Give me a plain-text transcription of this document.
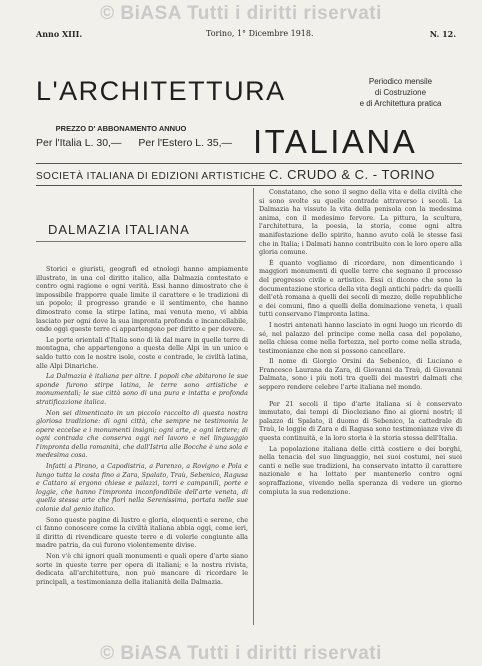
© BiASA Tutti i diritti riservati
Anno XIII.	Torino, 1° Dicembre 1918.	N. 12.
L'ARCHITETTURA	Periodico mensile
di Costruzione
e di Architettura pratica
PREZZO D' ABBONAMENTO ANNUO
Per l'Italia L. 30,— Per l'Estero L. 35,— ITALIANA
SOCIETÀ ITALIANA DI EDIZIONI ARTISTICHE C. CRUDO & C. - TORINO
DALMAZIA ITALIANA

Storici e giuristi, geografi ed etnologi hanno ampiamente illustrato, in una col diritto italico, alla Dalmazia contestato e contro ogni ragione e ogni verità. Essi hanno dimostrato che è impossibile frapporre quale limite il carattere e le tradizioni di un popolo; il progresso grande e il sentimento, che hanno dimostrato come la stirpe latina, mai venuta meno, vi abbia lasciato per ogni dove la sua impronta profonda e incancellabile, onde oggi queste terre ci appartengono per diritto e per dovere.

Le porte orientali d'Italia sono di là dal mare in quelle terre di montagna, che appartengono a questa delle Alpi in un unico e saldo tutto con le nostre isole, coste e contrade, le civiltà latina, alle Alpi Dinariche.

La Dalmazia è italiana per altre. I popoli che abitarono le sue sponde furono stirpe latina, le terre sono artistiche e monumentali; le sue città sono di una pura e intatta e profonda stratificazione italica.

Non sei dimenticato in un piccolo raccolto di questa nostra gloriosa tradizione: di ogni città, che sempre ne testimonia le opere eccelse e i monumenti insigni; ogni arte, e ogni lettere; di ogni contrada che conserva oggi nel lavoro e nel linguaggio l'impronta della romanità, che dall'Istria alle Bocche è una sola e medesima cosa.

Infatti a Pirano, a Capodistria, a Parenzo, a Rovigno e Pola e lungo tutta la costa fino a Zara, Spalato, Traù, Sebenico, Ragusa e Cattaro si ergono chiese e palazzi, torri e campanili, porte e loggie, che hanno l'impronta inconfondibile dell'arte veneta, di quella stessa arte che fiorì nella Serenissima, portata nelle sue colonie dal genio italico.

Sono queste pagine di lustro e gloria, eloquenti e serene, che ci fanno conoscere come la civiltà italiana abbia oggi, come ieri, il diritto di rivendicare queste terre e di volerle congiunte alla madre patria, da cui furono violentemente divise.

Non v'è chi ignori quali monumenti e quali opere d'arte siano sorte in queste terre per opera di italiani; e la nostra rivista, dedicata all'architettura, non può mancare di ricordare le principali, a testimonianza della italianità della Dalmazia.

Constatano, che sono il segno della vita e della civiltà che si sono svolte su quelle contrade attraverso i secoli. La Dalmazia ha vissuto la vita della penisola con la medesima anima, con il medesimo fervore. La pittura, la scultura, l'architettura, la poesia, la storia, come ogni altra manifestazione dello spirito, hanno avuto colà le stesse fasi che in Italia; i Dalmati hanno contribuito con le loro opere alla gloria comune.

È quanto vogliamo di ricordare, non dimenticando i maggiori monumenti di quelle terre che segnano il processo del progresso civile e artistico. Essi ci dicono che sono la documentazione storica della vita degli antichi padri: da quelli dell'età romana a quelli dei secoli di mezzo, delle repubbliche e dei comuni, fino a quelli della dominazione veneta, i quali tutti conservano l'impronta latina.

I nostri antenati hanno lasciato in ogni luogo un ricordo di sé, nel palazzo del principe come nella casa del popolano, nella chiesa come nella fortezza, nel porto come nella strada, testimonianze che non si possono cancellare.

Il nome di Giorgio Orsini da Sebenico, di Luciano e Francesco Laurana da Zara, di Giovanni da Traù, di Giovanni Dalmata, sono i più noti tra quelli dei maestri dalmati che seppero rendere celebre l'arte italiana nel mondo.

Per 21 secoli il tipo d'arte italiana si è conservato immutato, dai tempi di Diocleziano fino ai giorni nostri; il palazzo di Spalato, il duomo di Sebenico, la cattedrale di Traù, le loggie di Zara e di Ragusa sono testimonianze vive di questa continuità, e la loro storia è la storia stessa dell'Italia.

La popolazione italiana delle città costiere e dei borghi, nella tenacia del suo linguaggio, nei suoi costumi, nei suoi canti e nelle sue tradizioni, ha conservato intatto il carattere nazionale e ha lottato per mantenerlo contro ogni sopraffazione, vivendo nella speranza di vedere un giorno compiuta la sua redenzione.

© BiASA Tutti i diritti riservati
